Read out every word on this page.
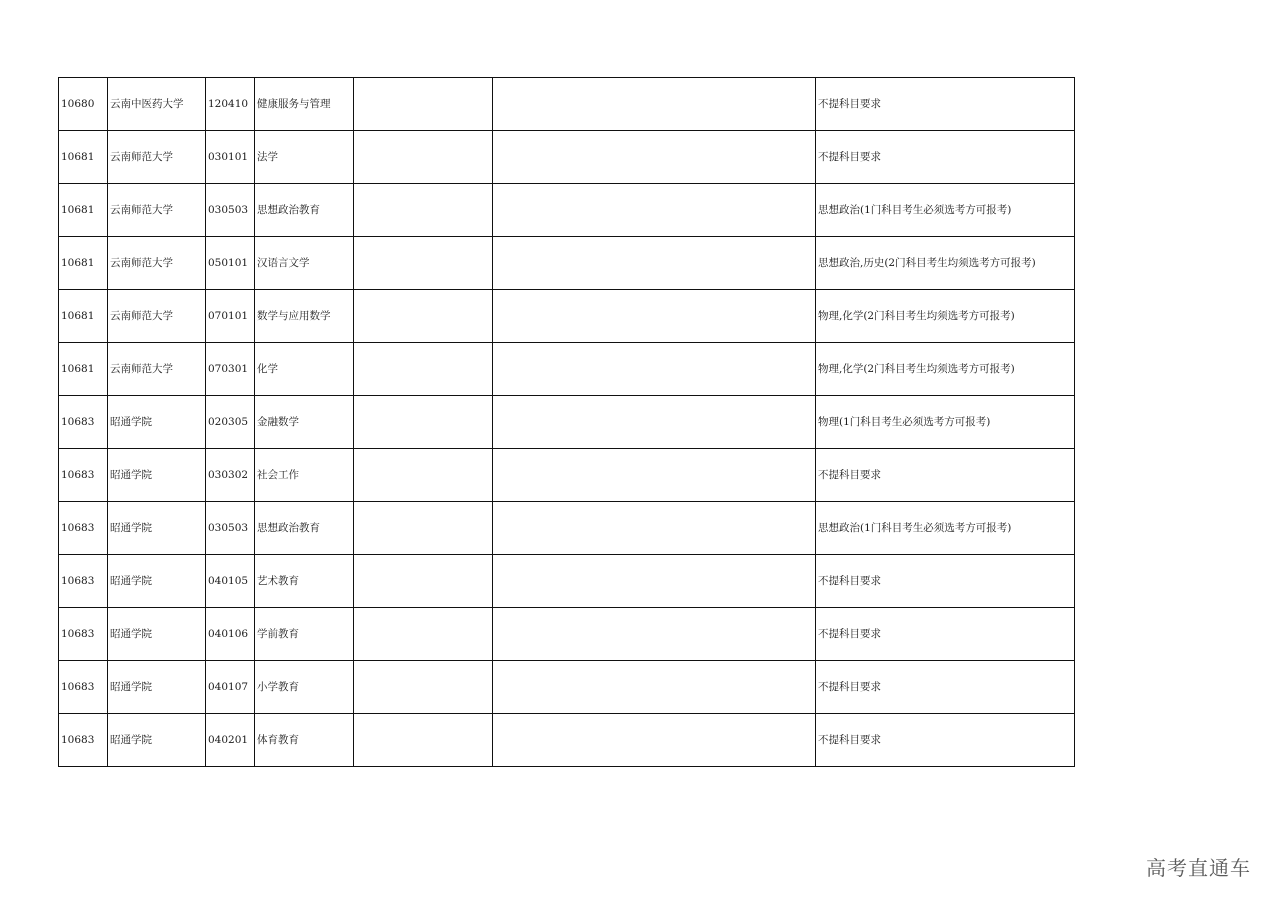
10680	云南中医药大学	120410	健康服务与管理			不提科目要求
10681	云南师范大学	030101	法学			不提科目要求
10681	云南师范大学	030503	思想政治教育			思想政治(1门科目考生必须选考方可报考)
10681	云南师范大学	050101	汉语言文学			思想政治,历史(2门科目考生均须选考方可报考)
10681	云南师范大学	070101	数学与应用数学			物理,化学(2门科目考生均须选考方可报考)
10681	云南师范大学	070301	化学			物理,化学(2门科目考生均须选考方可报考)
10683	昭通学院	020305	金融数学			物理(1门科目考生必须选考方可报考)
10683	昭通学院	030302	社会工作			不提科目要求
10683	昭通学院	030503	思想政治教育			思想政治(1门科目考生必须选考方可报考)
10683	昭通学院	040105	艺术教育			不提科目要求
10683	昭通学院	040106	学前教育			不提科目要求
10683	昭通学院	040107	小学教育			不提科目要求
10683	昭通学院	040201	体育教育			不提科目要求
高考直通车
